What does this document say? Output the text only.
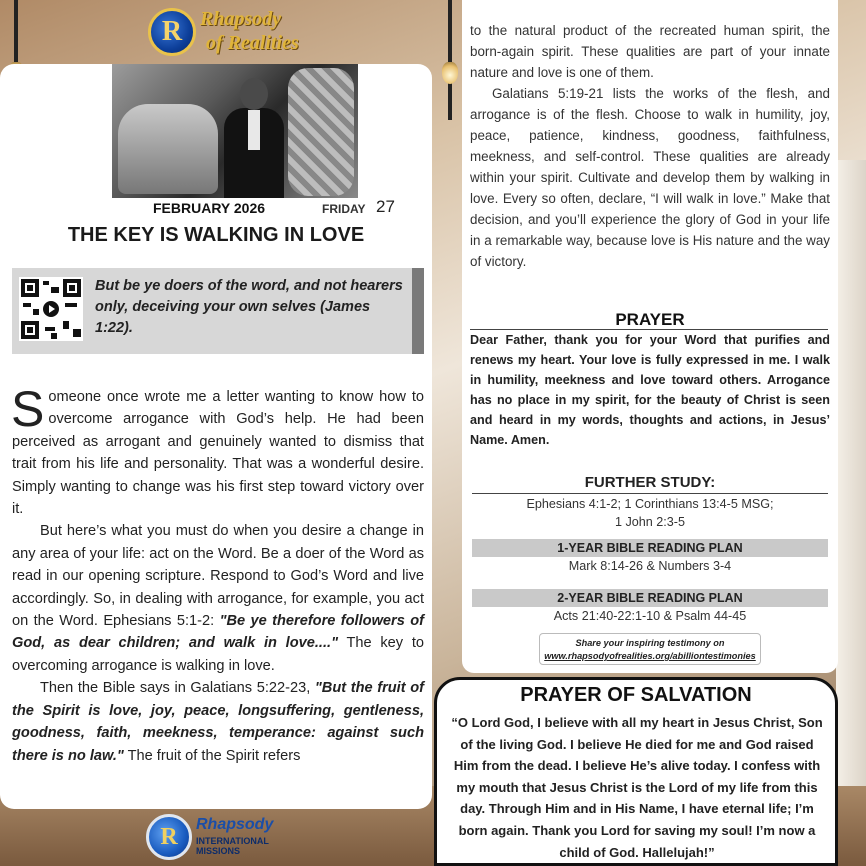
R Rhapsody
of Realities
FEBRUARY 2026	FRIDAY 27
THE KEY IS WALKING IN LOVE
But be ye doers of the word, and not hearers only, deceiving your own selves (James 1:22).

Someone once wrote me a letter wanting to know how to overcome arrogance with God’s help. He had been perceived as arrogant and genuinely wanted to dismiss that trait from his life and personality. That was a wonderful desire. Simply wanting to change was his first step toward victory over it.

But here’s what you must do when you desire a change in any area of your life: act on the Word. Be a doer of the Word as read in our opening scripture. Respond to God’s Word and live accordingly. So, in dealing with arrogance, for example, you act on the Word. Ephesians 5:1-2: "Be ye therefore followers of God, as dear children; and walk in love...." The key to overcoming arrogance is walking in love.

Then the Bible says in Galatians 5:22-23, "But the fruit of the Spirit is love, joy, peace, longsuffering, gentleness, goodness, faith, meekness, temperance: against such there is no law." The fruit of the Spirit refers

R	Rhapsody
INTERNATIONAL
MISSIONS

to the natural product of the recreated human spirit, the born-again spirit. These qualities are part of your innate nature and love is one of them.

Galatians 5:19-21 lists the works of the flesh, and arrogance is of the flesh. Choose to walk in humility, joy, peace, patience, kindness, goodness, faithfulness, meekness, and self-control. These qualities are already within your spirit. Cultivate and develop them by walking in love. Every so often, declare, “I will walk in love.” Make that decision, and you’ll experience the glory of God in your life in a remarkable way, because love is His nature and the way of victory.

PRAYER
Dear Father, thank you for your Word that purifies and renews my heart. Your love is fully expressed in me. I walk in humility, meekness and love toward others. Arrogance has no place in my spirit, for the beauty of Christ is seen and heard in my words, thoughts and actions, in Jesus’ Name. Amen.
FURTHER STUDY:
Ephesians 4:1-2; 1 Corinthians 13:4-5 MSG;
1 John 2:3-5
1-YEAR BIBLE READING PLAN
Mark 8:14-26 & Numbers 3-4
2-YEAR BIBLE READING PLAN
Acts 21:40-22:1-10 & Psalm 44-45
Share your inspiring testimony on
www.rhapsodyofrealities.org/abilliontestimonies
PRAYER OF SALVATION
“O Lord God, I believe with all my heart in Jesus Christ, Son of the living God. I believe He died for me and God raised Him from the dead. I believe He’s alive today. I confess with my mouth that Jesus Christ is the Lord of my life from this day. Through Him and in His Name, I have eternal life; I’m born again. Thank you Lord for saving my soul! I’m now a child of God. Hallelujah!”
